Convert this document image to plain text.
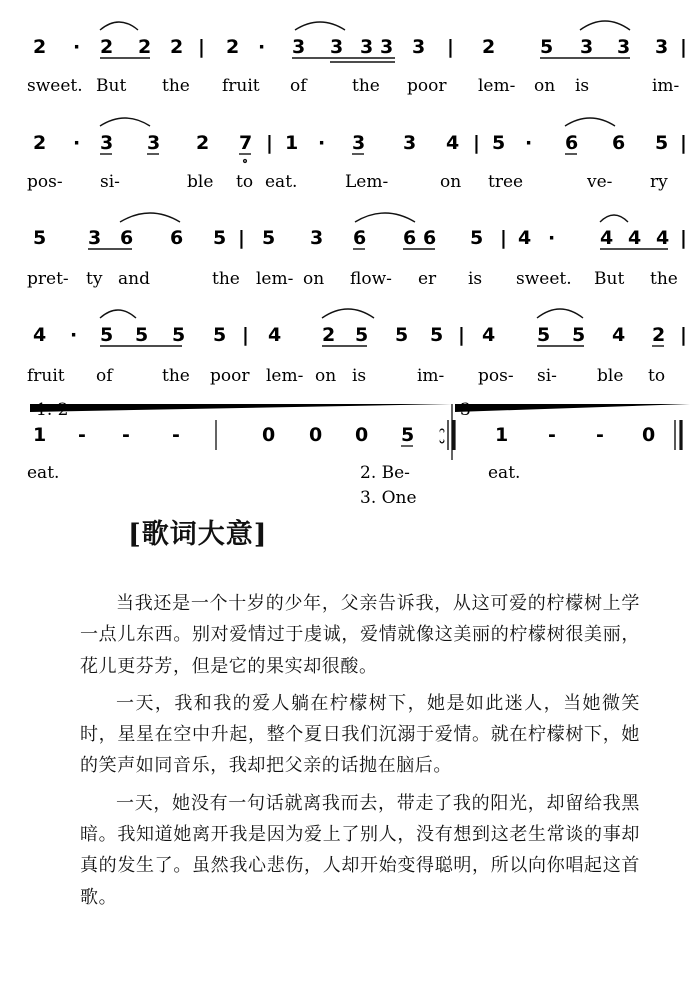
2 · 2 2 2 | 2 · 3 3 3 3 3 | 2 5 3 3 3 |
sweet. But the fruit of	the poor lem- on is	im-
2 · 3 3 2 7 | 1 · 3 3 4 | 5 · 6 6 5 |
pos- si-	ble to eat.	Lem-	on tree	ve- ry
5 3 6 6 5 | 5 3 6 6 6 5 | 4 · 4 4 4 |
pret- ty and	the lem- on flow- er is sweet. But the
4 · 5 5 5 5 | 4 2 5 5 5 | 4 5 5 4 2 |
fruit of	the poor lem- on is	im- pos- si- ble to
1. 2	3
1 - - - |	0 0 0 5 :	1 - - 0
eat.	2. Be-	eat.
3. One
[歌词大意]

当我还是一个十岁的少年，父亲告诉我，从这可爱的柠檬树上学一点儿东西。别对爱情过于虔诚，爱情就像这美丽的柠檬树很美丽，花儿更芬芳，但是它的果实却很酸。

一天，我和我的爱人躺在柠檬树下，她是如此迷人，当她微笑时，星星在空中升起，整个夏日我们沉溺于爱情。就在柠檬树下，她的笑声如同音乐，我却把父亲的话抛在脑后。

一天，她没有一句话就离我而去，带走了我的阳光，却留给我黑暗。我知道她离开我是因为爱上了别人，没有想到这老生常谈的事却真的发生了。虽然我心悲伤，人却开始变得聪明，所以向你唱起这首歌。
